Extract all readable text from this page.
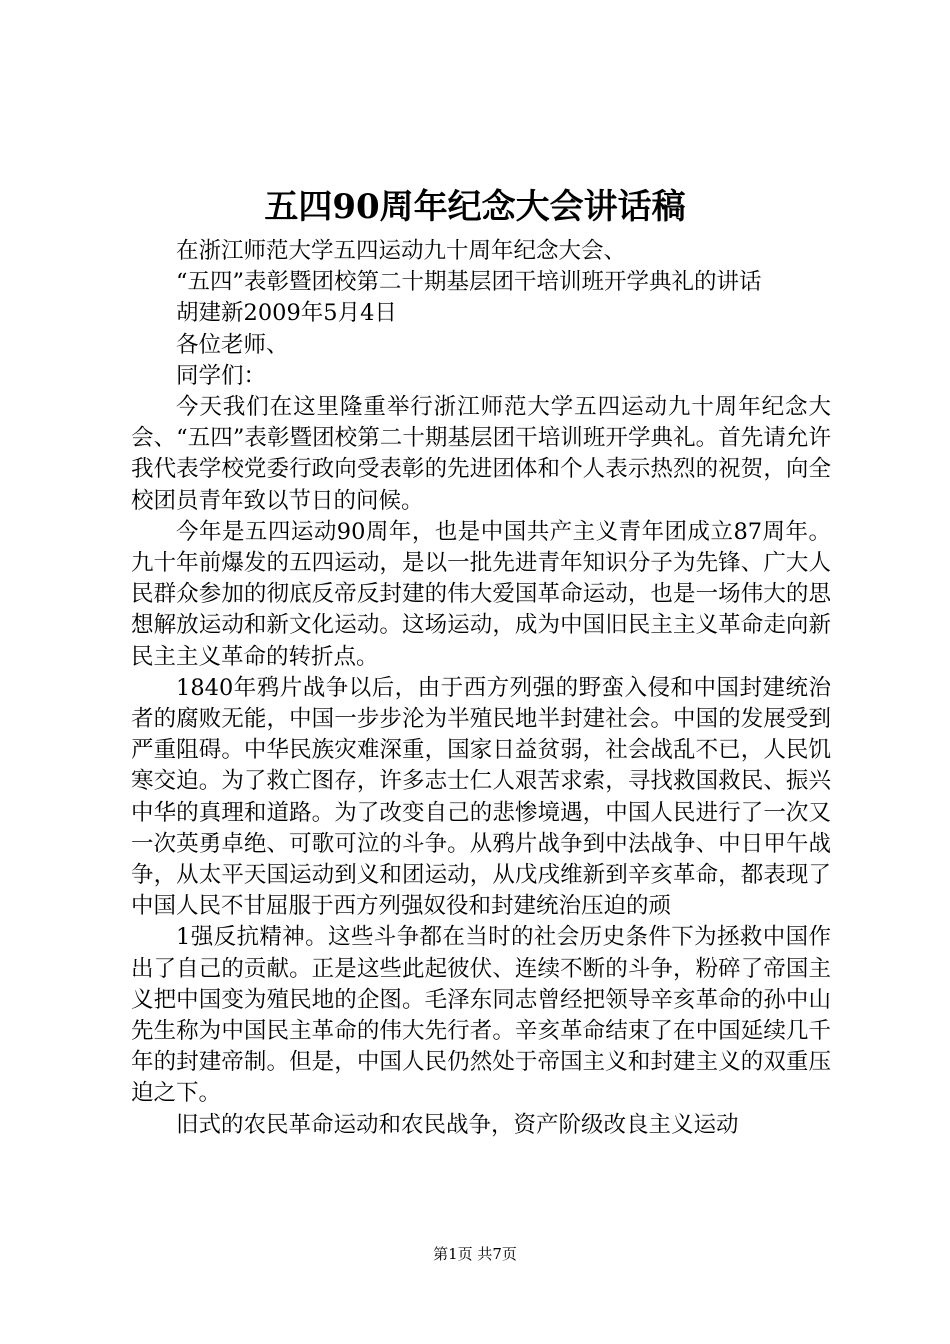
五四90周年纪念大会讲话稿

在浙江师范大学五四运动九十周年纪念大会、

“五四”表彰暨团校第二十期基层团干培训班开学典礼的讲话

胡建新2009年5月4日

各位老师、

同学们：

今天我们在这里隆重举行浙江师范大学五四运动九十周年纪念大会、“五四”表彰暨团校第二十期基层团干培训班开学典礼。首先请允许我代表学校党委行政向受表彰的先进团体和个人表示热烈的祝贺，向全校团员青年致以节日的问候。

今年是五四运动90周年，也是中国共产主义青年团成立87周年。九十年前爆发的五四运动，是以一批先进青年知识分子为先锋、广大人民群众参加的彻底反帝反封建的伟大爱国革命运动，也是一场伟大的思想解放运动和新文化运动。这场运动，成为中国旧民主主义革命走向新民主主义革命的转折点。

1840年鸦片战争以后，由于西方列强的野蛮入侵和中国封建统治者的腐败无能，中国一步步沦为半殖民地半封建社会。中国的发展受到严重阻碍。中华民族灾难深重，国家日益贫弱，社会战乱不已，人民饥寒交迫。为了救亡图存，许多志士仁人艰苦求索，寻找救国救民、振兴中华的真理和道路。为了改变自己的悲惨境遇，中国人民进行了一次又一次英勇卓绝、可歌可泣的斗争。从鸦片战争到中法战争、中日甲午战争，从太平天国运动到义和团运动，从戊戌维新到辛亥革命，都表现了中国人民不甘屈服于西方列强奴役和封建统治压迫的顽

1强反抗精神。这些斗争都在当时的社会历史条件下为拯救中国作出了自己的贡献。正是这些此起彼伏、连续不断的斗争，粉碎了帝国主义把中国变为殖民地的企图。毛泽东同志曾经把领导辛亥革命的孙中山先生称为中国民主革命的伟大先行者。辛亥革命结束了在中国延续几千年的封建帝制。但是，中国人民仍然处于帝国主义和封建主义的双重压迫之下。

旧式的农民革命运动和农民战争，资产阶级改良主义运动

第1页 共7页
